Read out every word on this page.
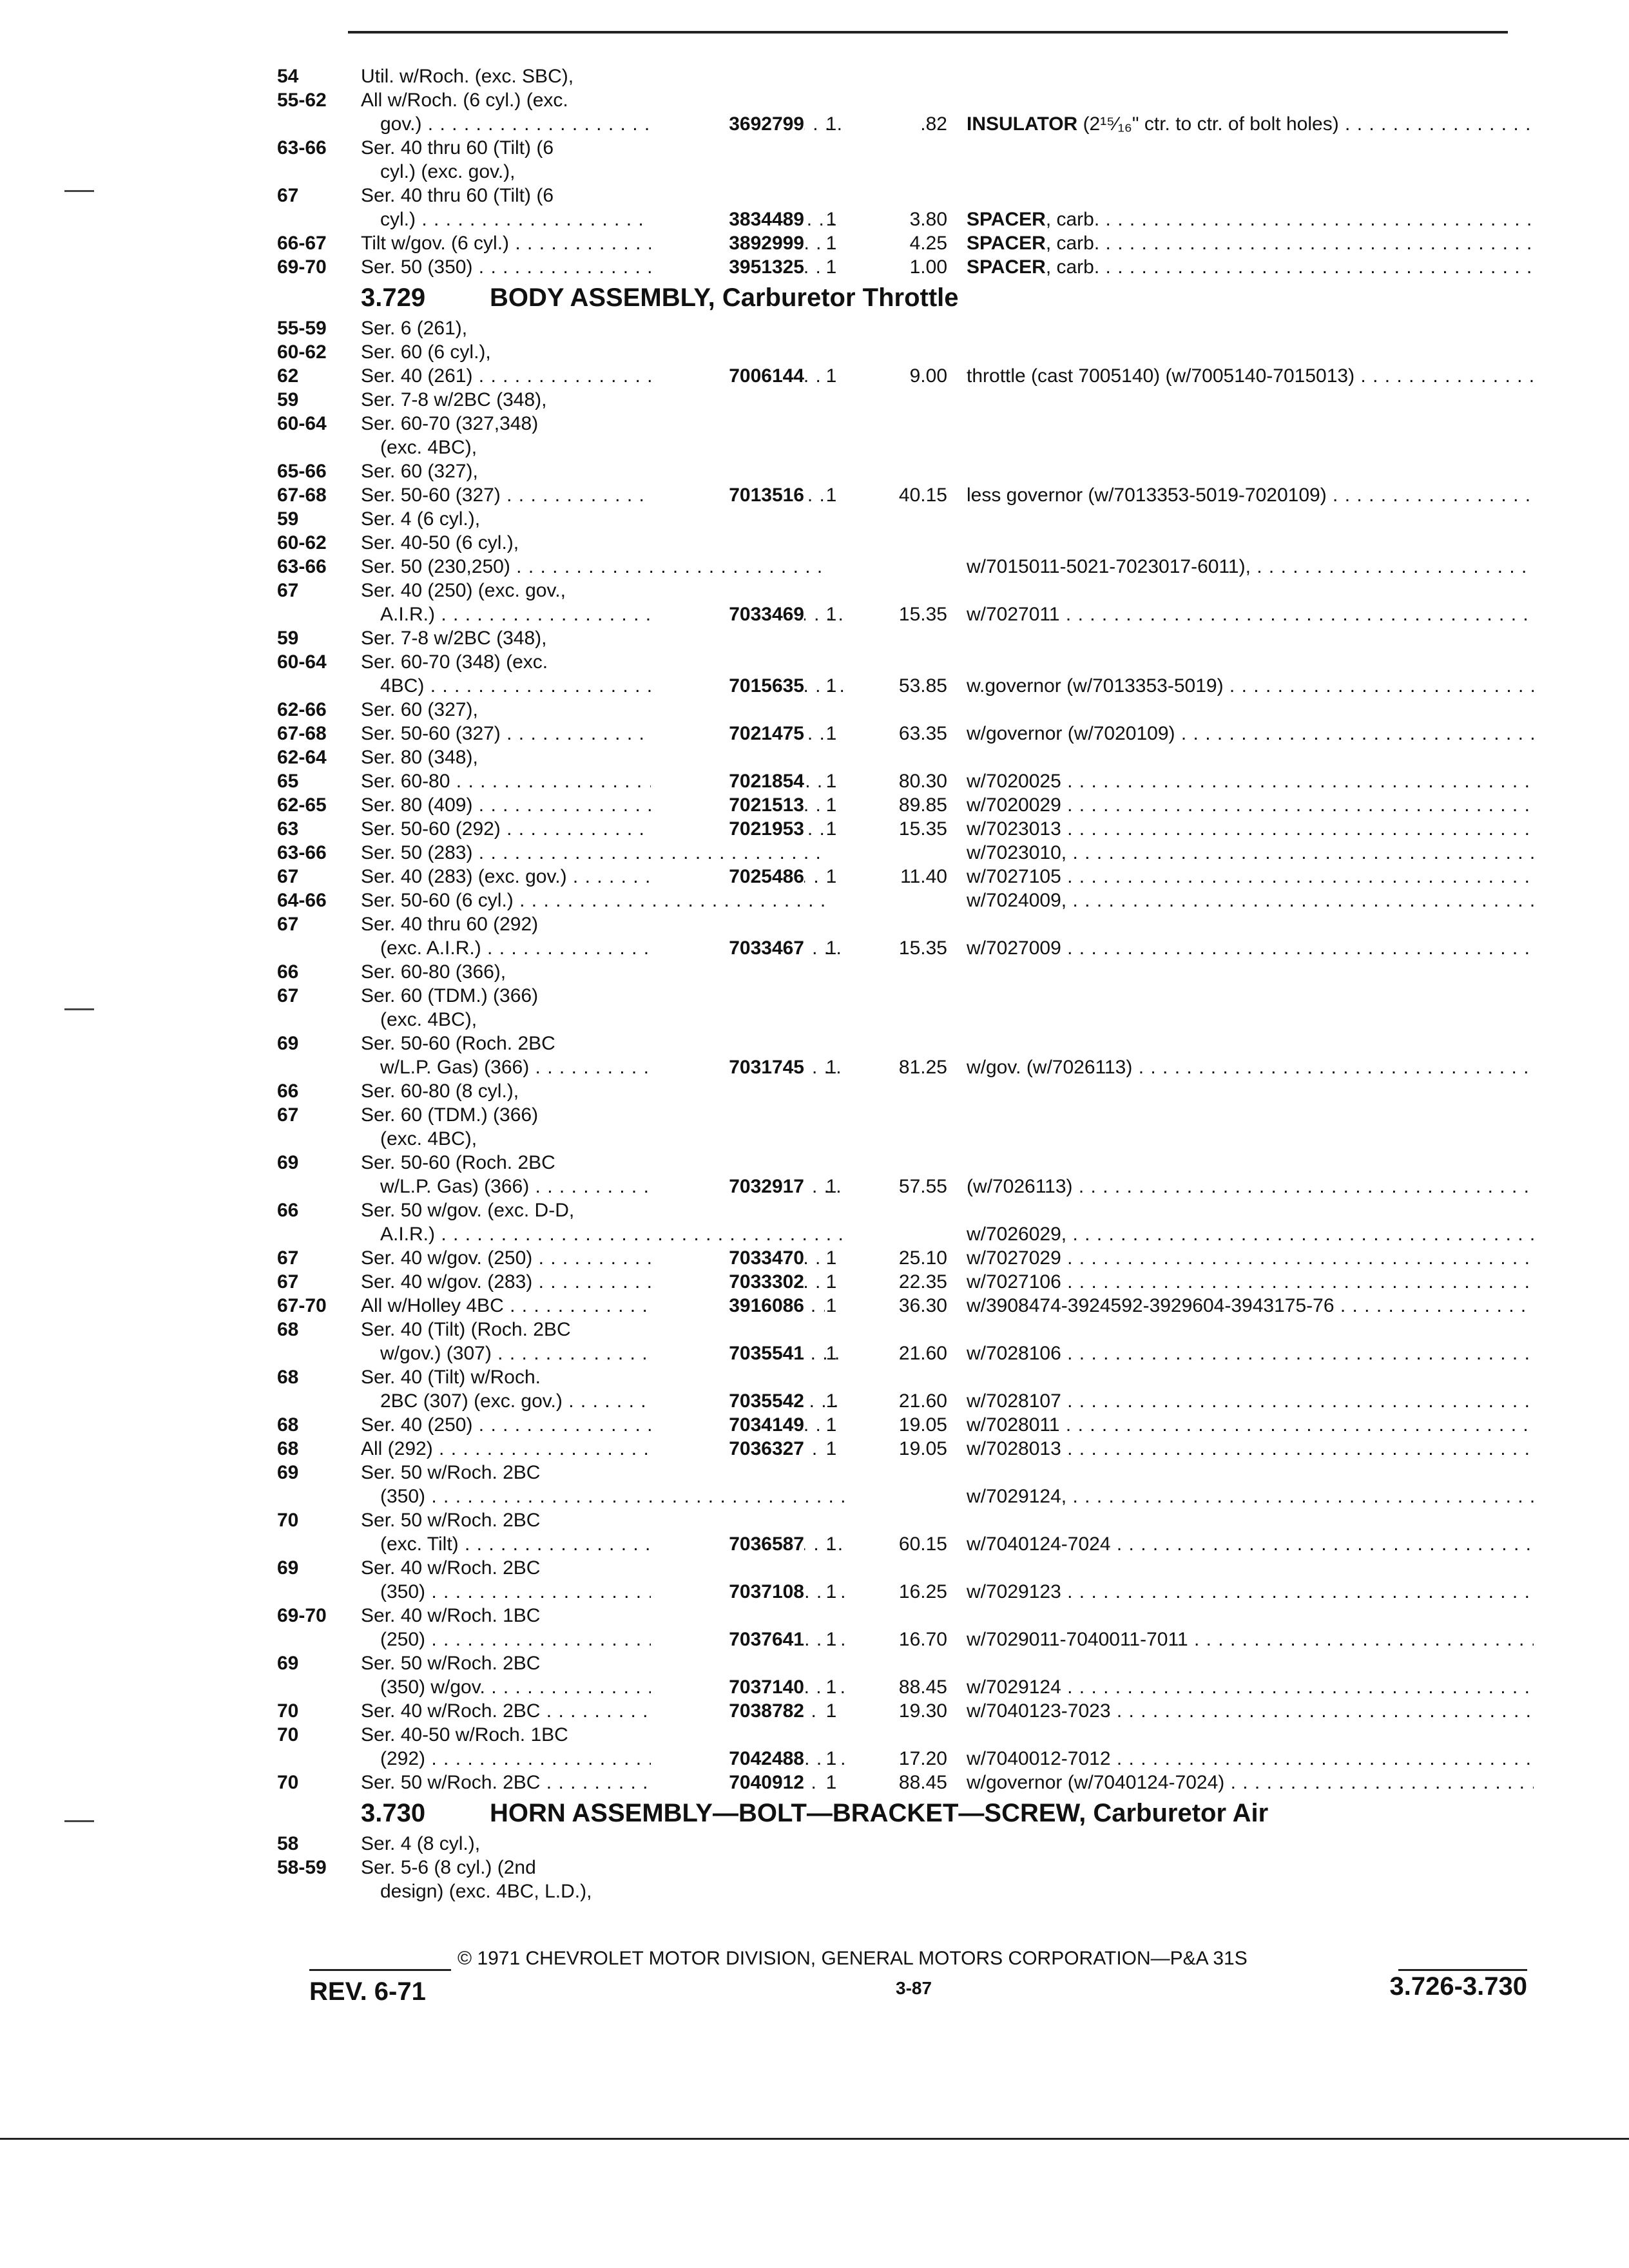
54	Util. w/Roch. (exc. SBC),
55-62	All w/Roch. (6 cyl.) (exc.
gov.) . . .	3692799	1	.82 INSULATOR (2¹⁵⁄₁₆" ctr. to ctr. of bolt holes) . . .
63-66	Ser. 40 thru 60 (Tilt) (6
cyl.) (exc. gov.),
67	Ser. 40 thru 60 (Tilt) (6
cyl.) . . .	3834489	1	3.80 SPACER, carb. . . .
66-67	Tilt w/gov. (6 cyl.) . . .	3892999	1	4.25 SPACER, carb. . . .
69-70	Ser. 50 (350) . . .	3951325	1	1.00 SPACER, carb. . . .
3.729 BODY ASSEMBLY, Carburetor Throttle
55-59	Ser. 6 (261),
60-62	Ser. 60 (6 cyl.),
62	Ser. 40 (261) . . .	7006144	1	9.00 throttle (cast 7005140) (w/7005140-7015013) . . .
59	Ser. 7-8 w/2BC (348),
60-64	Ser. 60-70 (327,348)
(exc. 4BC),
65-66	Ser. 60 (327),
67-68	Ser. 50-60 (327) . . .	7013516	1	40.15 less governor (w/7013353-5019-7020109) . . .
59	Ser. 4 (6 cyl.),
60-62	Ser. 40-50 (6 cyl.),
63-66	Ser. 50 (230,250) . . .	w/7015011-5021-7023017-6011), . . .
67	Ser. 40 (250) (exc. gov.,
A.I.R.) . . .	7033469	1	15.35 w/7027011 . . .
59	Ser. 7-8 w/2BC (348),
60-64	Ser. 60-70 (348) (exc.
4BC) . . .	7015635	1	53.85 w.governor (w/7013353-5019) . . .
62-66	Ser. 60 (327),
67-68	Ser. 50-60 (327) . . .	7021475	1	63.35 w/governor (w/7020109) . . .
62-64	Ser. 80 (348),
65	Ser. 60-80 . . .	7021854	1	80.30 w/7020025 . . .
62-65	Ser. 80 (409) . . .	7021513	1	89.85 w/7020029 . . .
63	Ser. 50-60 (292) . . .	7021953	1	15.35 w/7023013 . . .
63-66	Ser. 50 (283) . . .	w/7023010, . . .
67	Ser. 40 (283) (exc. gov.) . . .	7025486	1	11.40 w/7027105 . . .
64-66	Ser. 50-60 (6 cyl.) . . .	w/7024009, . . .
67	Ser. 40 thru 60 (292)
(exc. A.I.R.) . . .	7033467	1	15.35 w/7027009 . . .
66	Ser. 60-80 (366),
67	Ser. 60 (TDM.) (366)
(exc. 4BC),
69	Ser. 50-60 (Roch. 2BC
w/L.P. Gas) (366) . . .	7031745	1	81.25 w/gov. (w/7026113) . . .
66	Ser. 60-80 (8 cyl.),
67	Ser. 60 (TDM.) (366)
(exc. 4BC),
69	Ser. 50-60 (Roch. 2BC
w/L.P. Gas) (366) . . .	7032917	1	57.55 (w/7026113) . . .
66	Ser. 50 w/gov. (exc. D-D,
A.I.R.) . . .	w/7026029, . . .
67	Ser. 40 w/gov. (250) . . .	7033470	1	25.10 w/7027029 . . .
67	Ser. 40 w/gov. (283) . . .	7033302	1	22.35 w/7027106 . . .
67-70	All w/Holley 4BC . . .	3916086	1	36.30 w/3908474-3924592-3929604-3943175-76 . . .
68	Ser. 40 (Tilt) (Roch. 2BC
w/gov.) (307) . . .	7035541	1	21.60 w/7028106 . . .
68	Ser. 40 (Tilt) w/Roch.
2BC (307) (exc. gov.) . . .	7035542	1	21.60 w/7028107 . . .
68	Ser. 40 (250) . . .	7034149	1	19.05 w/7028011 . . .
68	All (292) . . .	7036327	1	19.05 w/7028013 . . .
69	Ser. 50 w/Roch. 2BC
(350) . . .	w/7029124, . . .
70	Ser. 50 w/Roch. 2BC
(exc. Tilt) . . .	7036587	1	60.15 w/7040124-7024 . . .
69	Ser. 40 w/Roch. 2BC
(350) . . .	7037108	1	16.25 w/7029123 . . .
69-70	Ser. 40 w/Roch. 1BC
(250) . . .	7037641	1	16.70 w/7029011-7040011-7011 . . .
69	Ser. 50 w/Roch. 2BC
(350) w/gov. . . .	7037140	1	88.45 w/7029124 . . .
70	Ser. 40 w/Roch. 2BC . . .	7038782	1	19.30 w/7040123-7023 . . .
70	Ser. 40-50 w/Roch. 1BC
(292) . . .	7042488	1	17.20 w/7040012-7012 . . .
70	Ser. 50 w/Roch. 2BC . . .	7040912	1	88.45 w/governor (w/7040124-7024) . . .
3.730 HORN ASSEMBLY—BOLT—BRACKET—SCREW, Carburetor Air
58	Ser. 4 (8 cyl.),
58-59	Ser. 5-6 (8 cyl.) (2nd
design) (exc. 4BC, L.D.),
© 1971 CHEVROLET MOTOR DIVISION, GENERAL MOTORS CORPORATION—P&A 31S
REV. 6-71	3-87	3.726-3.730
